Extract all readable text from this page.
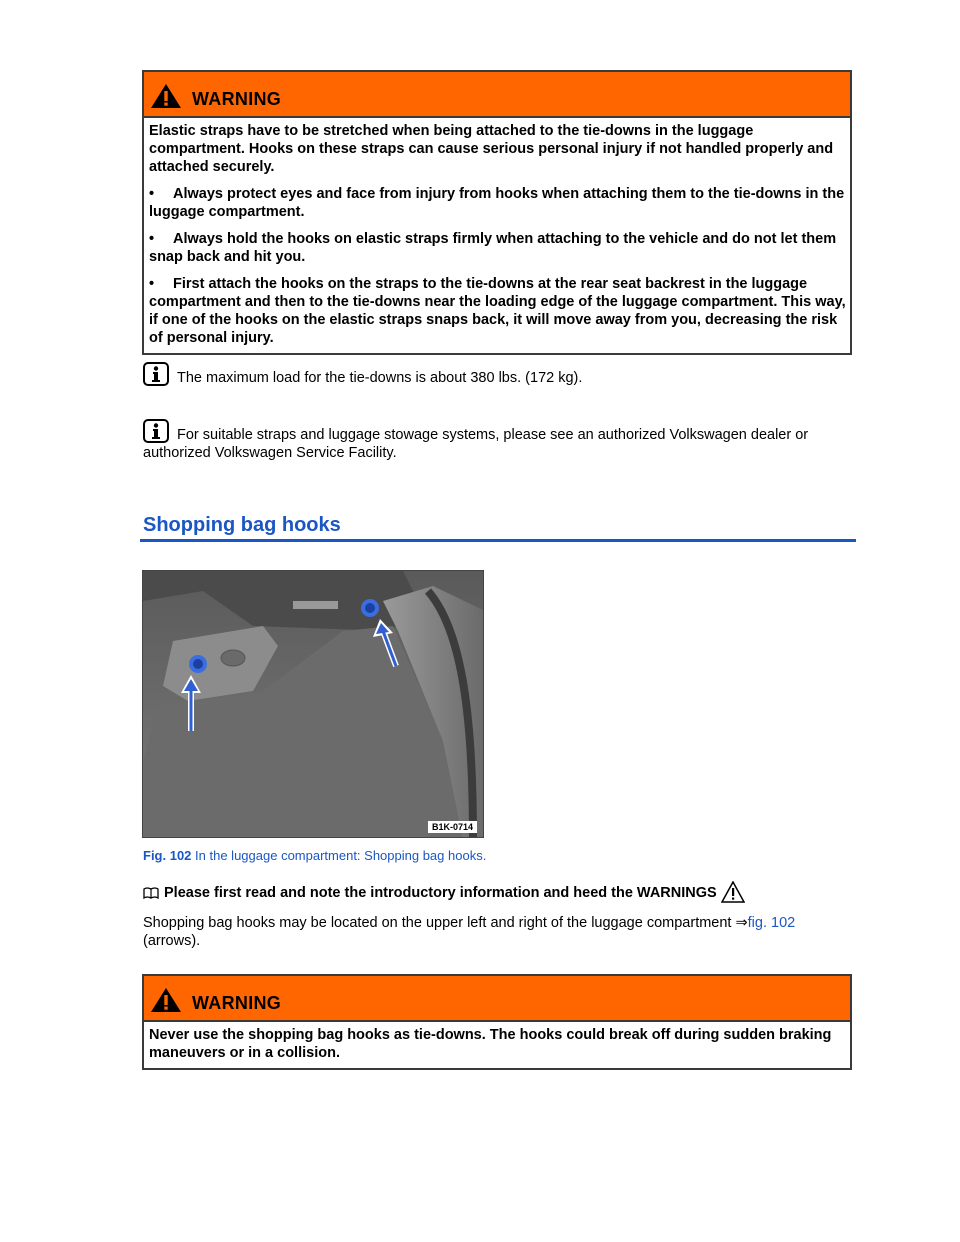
WARNING

Elastic straps have to be stretched when being attached to the tie-downs in the luggage compartment. Hooks on these straps can cause serious personal injury if not handled properly and attached securely.

• Always protect eyes and face from injury from hooks when attaching them to the tie-downs in the luggage compartment.

• Always hold the hooks on elastic straps firmly when attaching to the vehicle and do not let them snap back and hit you.

• First attach the hooks on the straps to the tie-downs at the rear seat backrest in the luggage compartment and then to the tie-downs near the loading edge of the luggage compartment. This way, if one of the hooks on the elastic straps snaps back, it will move away from you, decreasing the risk of personal injury.

The maximum load for the tie-downs is about 380 lbs. (172 kg).
For suitable straps and luggage stowage systems, please see an authorized Volkswagen dealer or authorized Volkswagen Service Facility.
Shopping bag hooks
B1K-0714
Fig. 102 In the luggage compartment: Shopping bag hooks.
Please first read and note the introductory information and heed the WARNINGS
Shopping bag hooks may be located on the upper left and right of the luggage compartment ⇒fig. 102 (arrows).
WARNING

Never use the shopping bag hooks as tie-downs. The hooks could break off during sudden braking maneuvers or in a collision.
